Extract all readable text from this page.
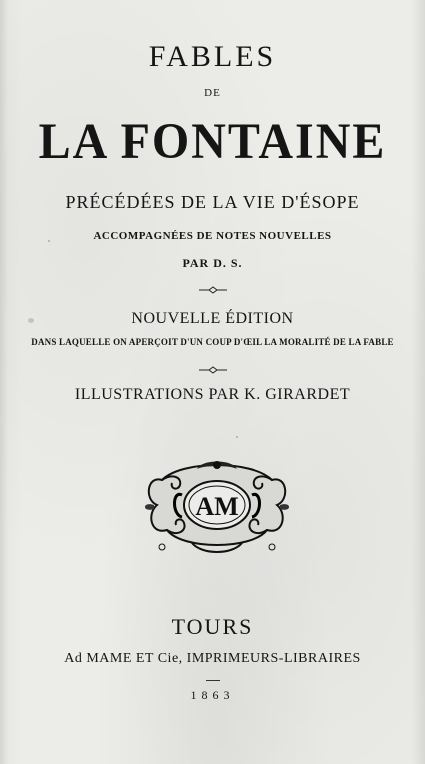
FABLES
DE
LA FONTAINE
PRÉCÉDÉES DE LA VIE D'ÉSOPE
ACCOMPAGNÉES DE NOTES NOUVELLES
PAR D. S.
NOUVELLE ÉDITION
DANS LAQUELLE ON APERÇOIT D'UN COUP D'ŒIL LA MORALITÉ DE LA FABLE
ILLUSTRATIONS PAR K. GIRARDET
AM
TOURS
Ad MAME ET Cie, IMPRIMEURS-LIBRAIRES
1863
